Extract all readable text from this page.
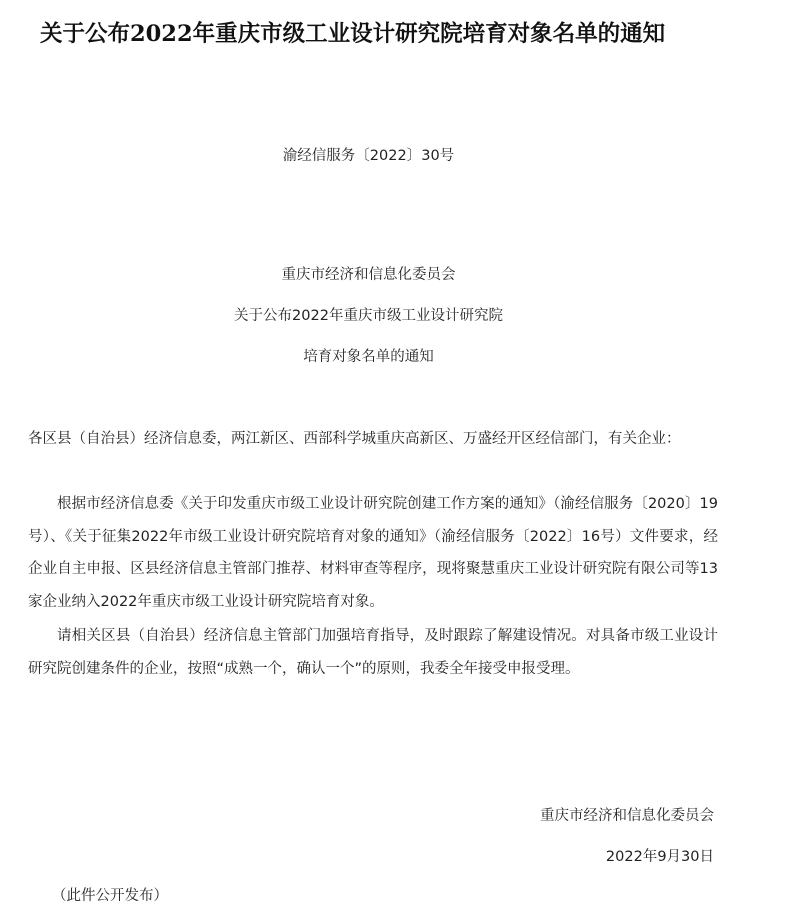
关于公布2022年重庆市级工业设计研究院培育对象名单的通知
渝经信服务〔2022〕30号
重庆市经济和信息化委员会
关于公布2022年重庆市级工业设计研究院
培育对象名单的通知

各区县（自治县）经济信息委，两江新区、西部科学城重庆高新区、万盛经开区经信部门，有关企业：

根据市经济信息委《关于印发重庆市级工业设计研究院创建工作方案的通知》（渝经信服务〔2020〕19号）、《关于征集2022年市级工业设计研究院培育对象的通知》（渝经信服务〔2022〕16号）文件要求，经企业自主申报、区县经济信息主管部门推荐、材料审查等程序，现将聚慧重庆工业设计研究院有限公司等13家企业纳入2022年重庆市级工业设计研究院培育对象。

请相关区县（自治县）经济信息主管部门加强培育指导，及时跟踪了解建设情况。对具备市级工业设计研究院创建条件的企业，按照“成熟一个，确认一个”的原则，我委全年接受申报受理。

重庆市经济和信息化委员会
2022年9月30日
（此件公开发布）
